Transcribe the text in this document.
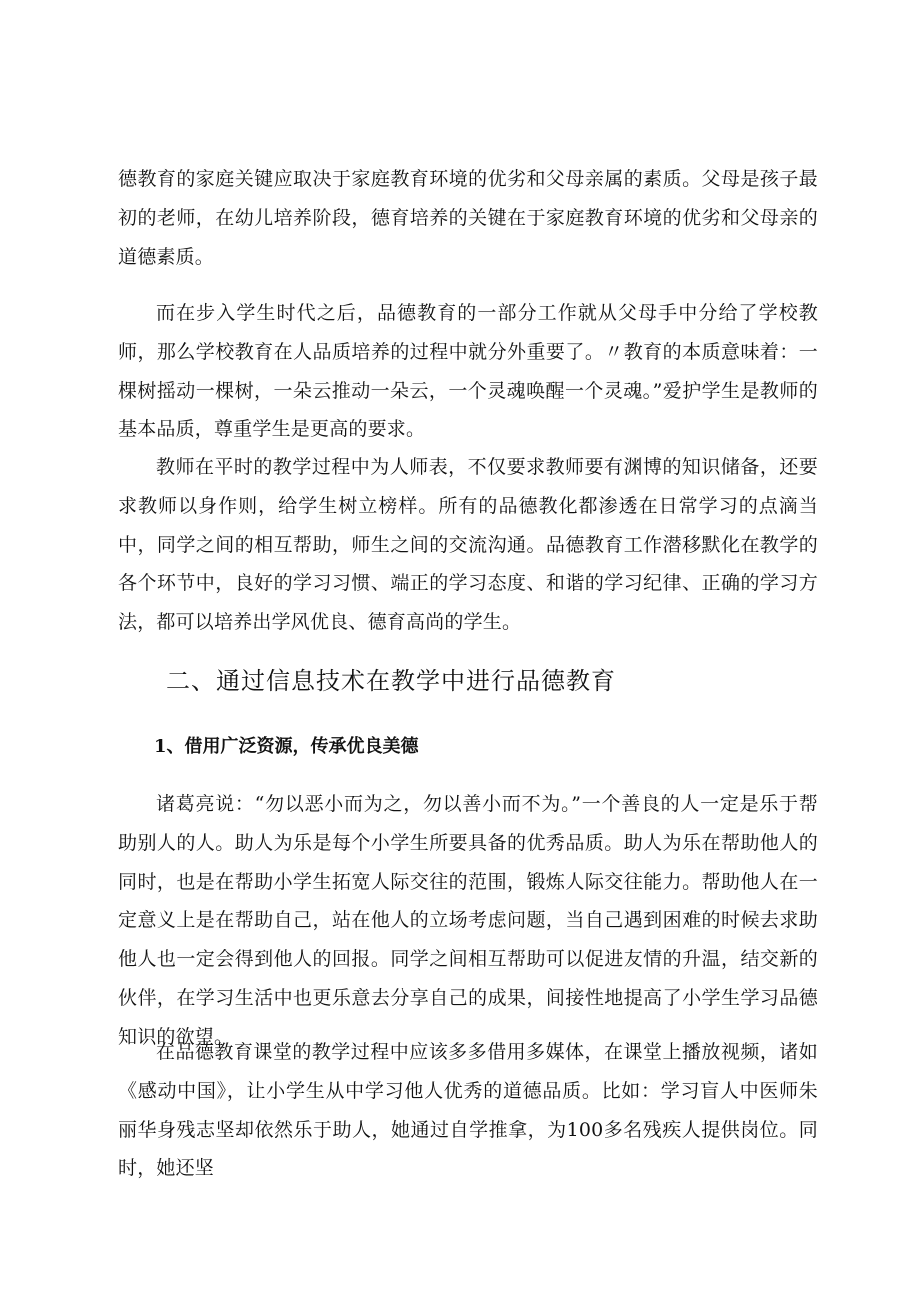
德教育的家庭关键应取决于家庭教育环境的优劣和父母亲属的素质。父母是孩子最初的老师，在幼儿培养阶段，德育培养的关键在于家庭教育环境的优劣和父母亲的道德素质。

而在步入学生时代之后，品德教育的一部分工作就从父母手中分给了学校教师，那么学校教育在人品质培养的过程中就分外重要了。〃教育的本质意味着：一棵树摇动一棵树，一朵云推动一朵云，一个灵魂唤醒一个灵魂。”爱护学生是教师的基本品质，尊重学生是更高的要求。

教师在平时的教学过程中为人师表，不仅要求教师要有渊博的知识储备，还要求教师以身作则，给学生树立榜样。所有的品德教化都渗透在日常学习的点滴当中，同学之间的相互帮助，师生之间的交流沟通。品德教育工作潜移默化在教学的各个环节中，良好的学习习惯、端正的学习态度、和谐的学习纪律、正确的学习方法，都可以培养出学风优良、德育高尚的学生。

二、通过信息技术在教学中进行品德教育
1、借用广泛资源，传承优良美德

诸葛亮说：“勿以恶小而为之，勿以善小而不为。”一个善良的人一定是乐于帮助别人的人。助人为乐是每个小学生所要具备的优秀品质。助人为乐在帮助他人的同时，也是在帮助小学生拓宽人际交往的范围，锻炼人际交往能力。帮助他人在一定意义上是在帮助自己，站在他人的立场考虑问题，当自己遇到困难的时候去求助他人也一定会得到他人的回报。同学之间相互帮助可以促进友情的升温，结交新的伙伴，在学习生活中也更乐意去分享自己的成果，间接性地提高了小学生学习品德知识的欲望。

在品德教育课堂的教学过程中应该多多借用多媒体，在课堂上播放视频，诸如《感动中国》，让小学生从中学习他人优秀的道德品质。比如：学习盲人中医师朱丽华身残志坚却依然乐于助人，她通过自学推拿，为100多名残疾人提供岗位。同时，她还坚
